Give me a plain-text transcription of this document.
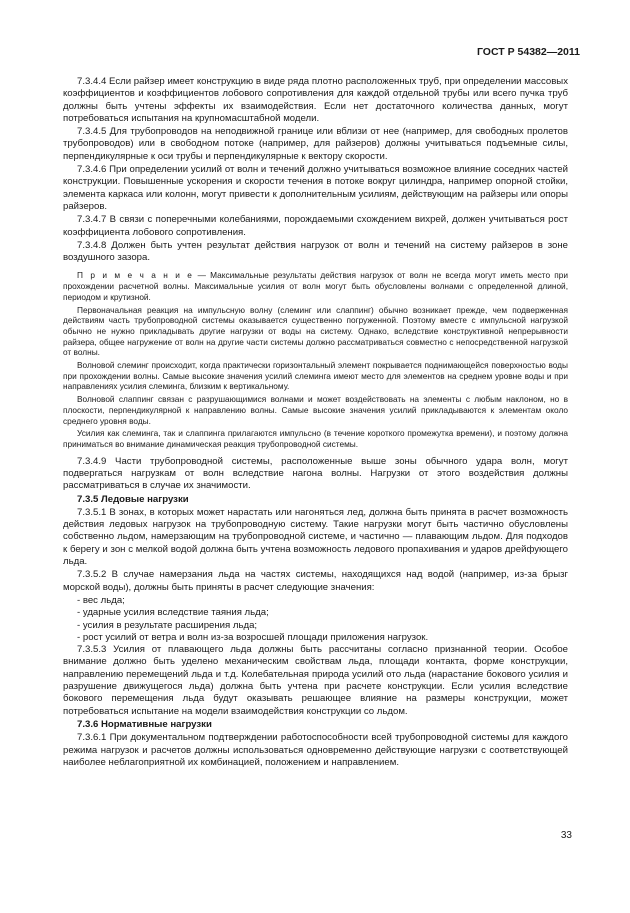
ГОСТ Р 54382—2011

7.3.4.4 Если райзер имеет конструкцию в виде ряда плотно расположенных труб, при определении массовых коэффициентов и коэффициентов лобового сопротивления для каждой отдельной трубы или всего пучка труб должны быть учтены эффекты их взаимодействия. Если нет достаточного количества данных, могут потребоваться испытания на крупномасштабной модели.

7.3.4.5 Для трубопроводов на неподвижной границе или вблизи от нее (например, для свободных пролетов трубопроводов) или в свободном потоке (например, для райзеров) должны учитываться подъемные силы, перпендикулярные к оси трубы и перпендикулярные к вектору скорости.

7.3.4.6 При определении усилий от волн и течений должно учитываться возможное влияние соседних частей конструкции. Повышенные ускорения и скорости течения в потоке вокруг цилиндра, например опорной стойки, элемента каркаса или колонн, могут привести к дополнительным усилиям, действующим на райзеры или опоры райзеров.

7.3.4.7 В связи с поперечными колебаниями, порождаемыми схождением вихрей, должен учитываться рост коэффициента лобового сопротивления.

7.3.4.8 Должен быть учтен результат действия нагрузок от волн и течений на систему райзеров в зоне воздушного зазора.

П р и м е ч а н и е — Максимальные результаты действия нагрузок от волн не всегда могут иметь место при прохождении расчетной волны. Максимальные усилия от волн могут быть обусловлены волнами с определенной длиной, периодом и крутизной.

Первоначальная реакция на импульсную волну (слеминг или слаппинг) обычно возникает прежде, чем подверженная действиям часть трубопроводной системы оказывается существенно погруженной. Поэтому вместе с импульсной нагрузкой обычно не нужно прикладывать другие нагрузки от воды на систему. Однако, вследствие конструктивной непрерывности райзера, общее нагружение от волн на другие части системы должно рассматриваться совместно с непосредственной нагрузкой от волны.

Волновой слеминг происходит, когда практически горизонтальный элемент покрывается поднимающейся поверхностью воды при прохождении волны. Самые высокие значения усилий слеминга имеют место для элементов на среднем уровне воды и при направлениях усилия слеминга, близким к вертикальному.

Волновой слаппинг связан с разрушающимися волнами и может воздействовать на элементы с любым наклоном, но в плоскости, перпендикулярной к направлению волны. Самые высокие значения усилий прикладываются к элементам около среднего уровня воды.

Усилия как слеминга, так и слаппинга прилагаются импульсно (в течение короткого промежутка времени), и поэтому должна приниматься во внимание динамическая реакция трубопроводной системы.

7.3.4.9 Части трубопроводной системы, расположенные выше зоны обычного удара волн, могут подвергаться нагрузкам от волн вследствие нагона волны. Нагрузки от этого воздействия должны рассматриваться в случае их значимости.

7.3.5 Ледовые нагрузки

7.3.5.1 В зонах, в которых может нарастать или нагоняться лед, должна быть принята в расчет возможность действия ледовых нагрузок на трубопроводную систему. Такие нагрузки могут быть частично обусловлены собственно льдом, намерзающим на трубопроводной системе, и частично — плавающим льдом. Для подходов к берегу и зон с мелкой водой должна быть учтена возможность ледового пропахивания и ударов дрейфующего льда.

7.3.5.2 В случае намерзания льда на частях системы, находящихся над водой (например, из-за брызг морской воды), должны быть приняты в расчет следующие значения:

- вес льда;

- ударные усилия вследствие таяния льда;

- усилия в результате расширения льда;

- рост усилий от ветра и волн из-за возросшей площади приложения нагрузок.

7.3.5.3 Усилия от плавающего льда должны быть рассчитаны согласно признанной теории. Особое внимание должно быть уделено механическим свойствам льда, площади контакта, форме конструкции, направлению перемещений льда и т.д. Колебательная природа усилий ото льда (нарастание бокового усилия и разрушение движущегося льда) должна быть учтена при расчете конструкции. Если усилия вследствие бокового перемещения льда будут оказывать решающее влияние на размеры конструкции, может потребоваться испытание на модели взаимодействия конструкции со льдом.

7.3.6 Нормативные нагрузки

7.3.6.1 При документальном подтверждении работоспособности всей трубопроводной системы для каждого режима нагрузок и расчетов должны использоваться одновременно действующие нагрузки с соответствующей наиболее неблагоприятной их комбинацией, положением и направлением.

33
